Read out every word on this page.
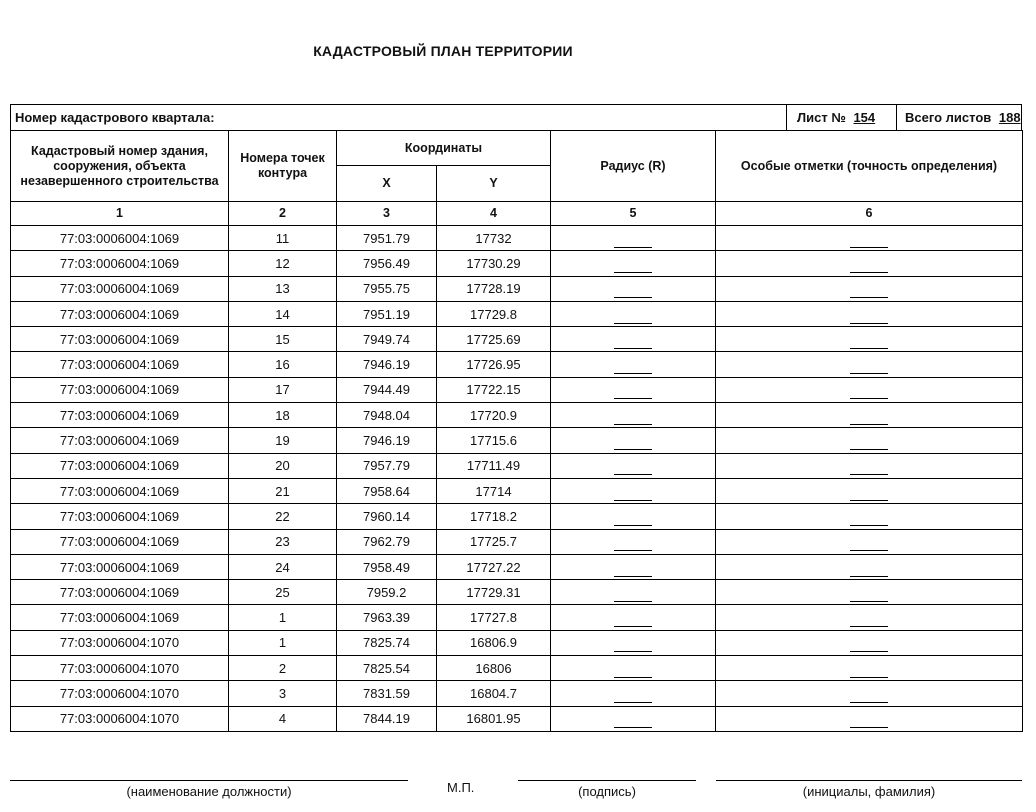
КАДАСТРОВЫЙ ПЛАН ТЕРРИТОРИИ
Номер кадастрового квартала:	Лист № 154	Всего листов 188
Кадастровый номер здания, сооружения, объекта незавершенного строительства	Номера точек контура	Координаты		Радиус (R)	Особые отметки (точность определения)
		X	Y		
1	2	3	4	5	6
77:03:0006004:1069	11	7951.79	17732		
77:03:0006004:1069	12	7956.49	17730.29		
77:03:0006004:1069	13	7955.75	17728.19		
77:03:0006004:1069	14	7951.19	17729.8		
77:03:0006004:1069	15	7949.74	17725.69		
77:03:0006004:1069	16	7946.19	17726.95		
77:03:0006004:1069	17	7944.49	17722.15		
77:03:0006004:1069	18	7948.04	17720.9		
77:03:0006004:1069	19	7946.19	17715.6		
77:03:0006004:1069	20	7957.79	17711.49		
77:03:0006004:1069	21	7958.64	17714		
77:03:0006004:1069	22	7960.14	17718.2		
77:03:0006004:1069	23	7962.79	17725.7		
77:03:0006004:1069	24	7958.49	17727.22		
77:03:0006004:1069	25	7959.2	17729.31		
77:03:0006004:1069	1	7963.39	17727.8		
77:03:0006004:1070	1	7825.74	16806.9		
77:03:0006004:1070	2	7825.54	16806		
77:03:0006004:1070	3	7831.59	16804.7		
77:03:0006004:1070	4	7844.19	16801.95		
(наименование должности)	М.П.	(подпись)	(инициалы, фамилия)
